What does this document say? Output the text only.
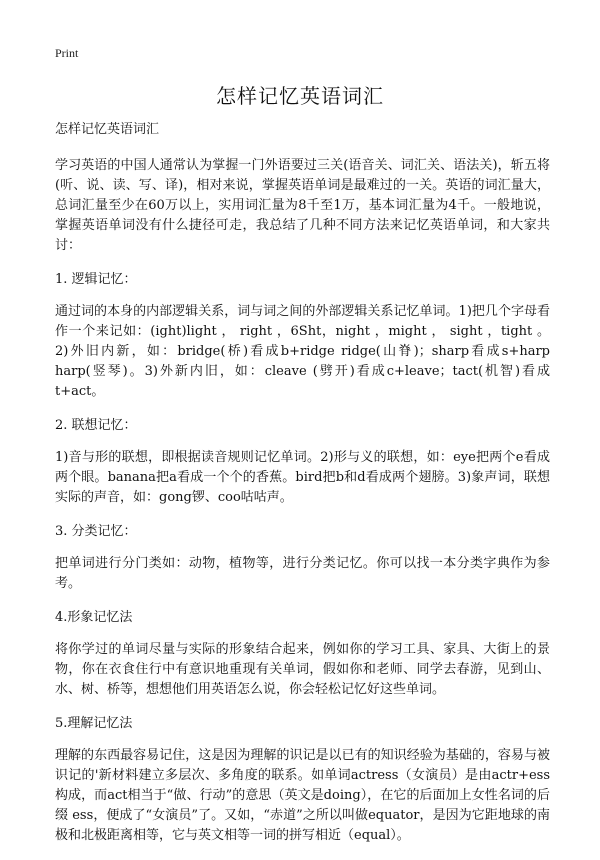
Print
怎样记忆英语词汇
怎样记忆英语词汇

学习英语的中国人通常认为掌握一门外语要过三关(语音关、词汇关、语法关)，斩五将(听、说、读、写、译)，相对来说，掌握英语单词是最难过的一关。英语的词汇量大，总词汇量至少在60万以上，实用词汇量为8千至1万，基本词汇量为4千。一般地说，掌握英语单词没有什么捷径可走，我总结了几种不同方法来记忆英语单词，和大家共讨：

1. 逻辑记忆：

通过词的本身的内部逻辑关系，词与词之间的外部逻辑关系记忆单词。1)把几个字母看作一个来记如：(ight)light ， right ，6Sht，night ，might ， sight ，tight 。 2)外旧内新，如：bridge(桥)看成b+ridge ridge(山脊)；sharp看成s+harp harp(竖琴)。3)外新内旧，如：cleave (劈开)看成c+leave；tact(机智)看成t+act。

2. 联想记忆：

1)音与形的联想，即根据读音规则记忆单词。2)形与义的联想，如：eye把两个e看成两个眼。banana把a看成一个个的香蕉。bird把b和d看成两个翅膀。3)象声词，联想实际的声音，如：gong锣、coo咕咕声。

3. 分类记忆：

把单词进行分门类如：动物，植物等，进行分类记忆。你可以找一本分类字典作为参考。

4.形象记忆法

将你学过的单词尽量与实际的形象结合起来，例如你的学习工具、家具、大街上的景物，你在衣食住行中有意识地重现有关单词，假如你和老师、同学去春游，见到山、水、树、桥等，想想他们用英语怎么说，你会轻松记忆好这些单词。

5.理解记忆法

理解的东西最容易记住，这是因为理解的识记是以已有的知识经验为基础的，容易与被识记的'新材料建立多层次、多角度的联系。如单词actress（女演员）是由actr+ess构成，而act相当于“做、行动”的意思（英文是doing），在它的后面加上女性名词的后缀 ess，便成了“女演员”了。又如，“赤道”之所以叫做equator，是因为它距地球的南极和北极距离相等，它与英文相等一词的拼写相近（equal）。
